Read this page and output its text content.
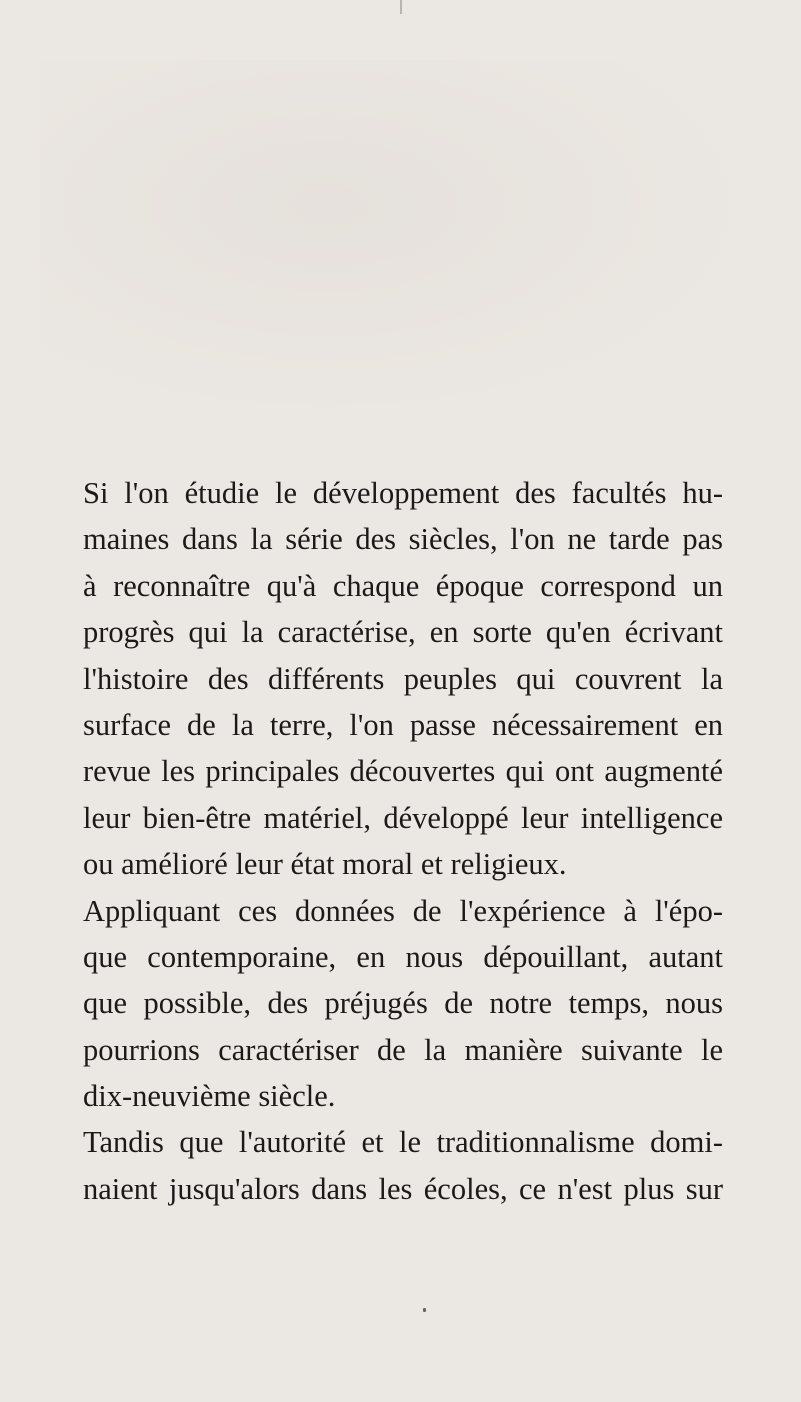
Si l'on étudie le développement des facultés hu-
maines dans la série des siècles, l'on ne tarde pas
à reconnaître qu'à chaque époque correspond un
progrès qui la caractérise, en sorte qu'en écrivant
l'histoire des différents peuples qui couvrent la
surface de la terre, l'on passe nécessairement en
revue les principales découvertes qui ont augmenté
leur bien-être matériel, développé leur intelligence
ou amélioré leur état moral et religieux.
Appliquant ces données de l'expérience à l'épo-
que contemporaine, en nous dépouillant, autant
que possible, des préjugés de notre temps, nous
pourrions caractériser de la manière suivante le
dix-neuvième siècle.
Tandis que l'autorité et le traditionnalisme domi-
naient jusqu'alors dans les écoles, ce n'est plus sur
